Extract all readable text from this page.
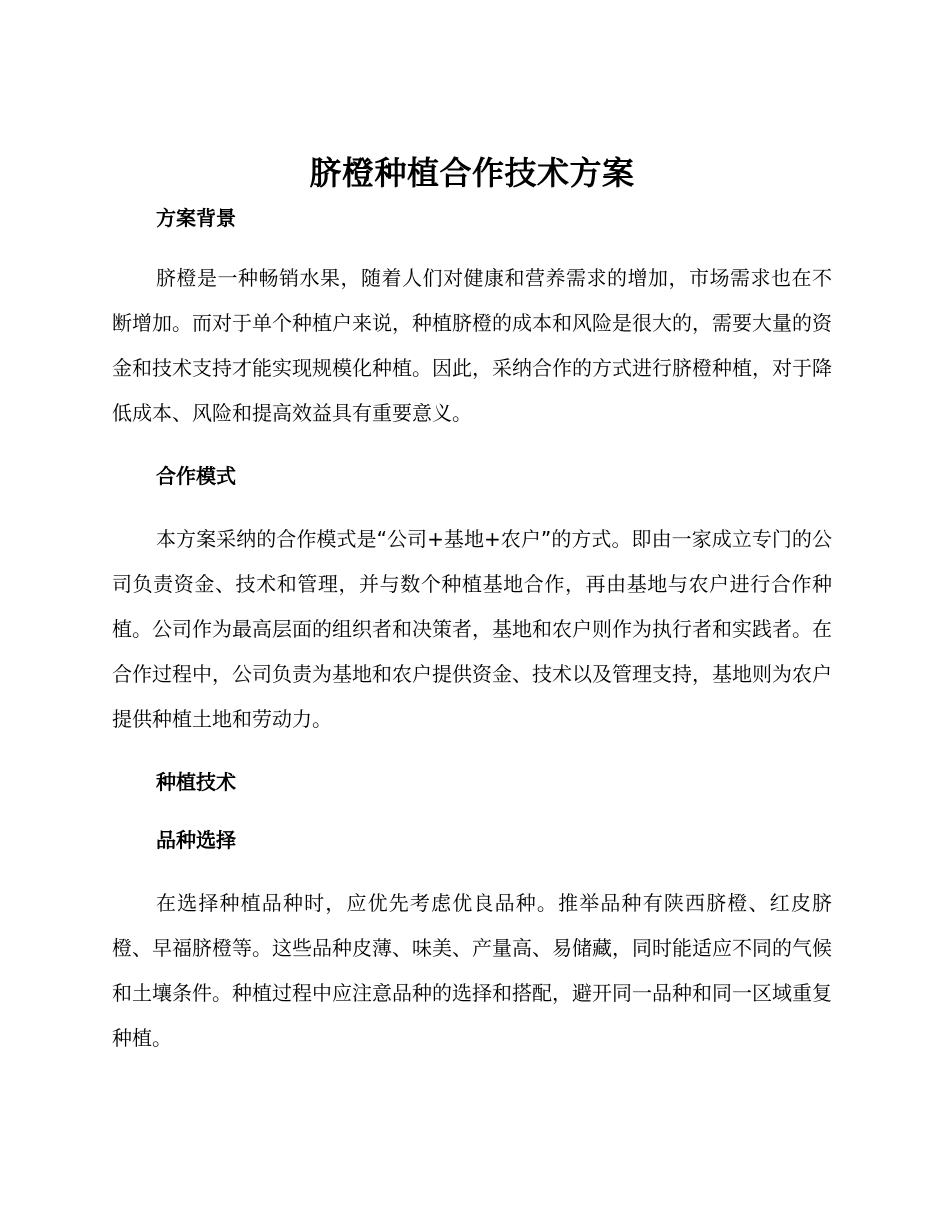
脐橙种植合作技术方案
方案背景

脐橙是一种畅销水果，随着人们对健康和营养需求的增加，市场需求也在不断增加。而对于单个种植户来说，种植脐橙的成本和风险是很大的，需要大量的资金和技术支持才能实现规模化种植。因此，采纳合作的方式进行脐橙种植，对于降低成本、风险和提高效益具有重要意义。

合作模式

本方案采纳的合作模式是“公司+基地+农户”的方式。即由一家成立专门的公司负责资金、技术和管理，并与数个种植基地合作，再由基地与农户进行合作种植。公司作为最高层面的组织者和决策者，基地和农户则作为执行者和实践者。在合作过程中，公司负责为基地和农户提供资金、技术以及管理支持，基地则为农户提供种植土地和劳动力。

种植技术
品种选择

在选择种植品种时，应优先考虑优良品种。推举品种有陕西脐橙、红皮脐橙、早福脐橙等。这些品种皮薄、味美、产量高、易储藏，同时能适应不同的气候和土壤条件。种植过程中应注意品种的选择和搭配，避开同一品种和同一区域重复种植。
